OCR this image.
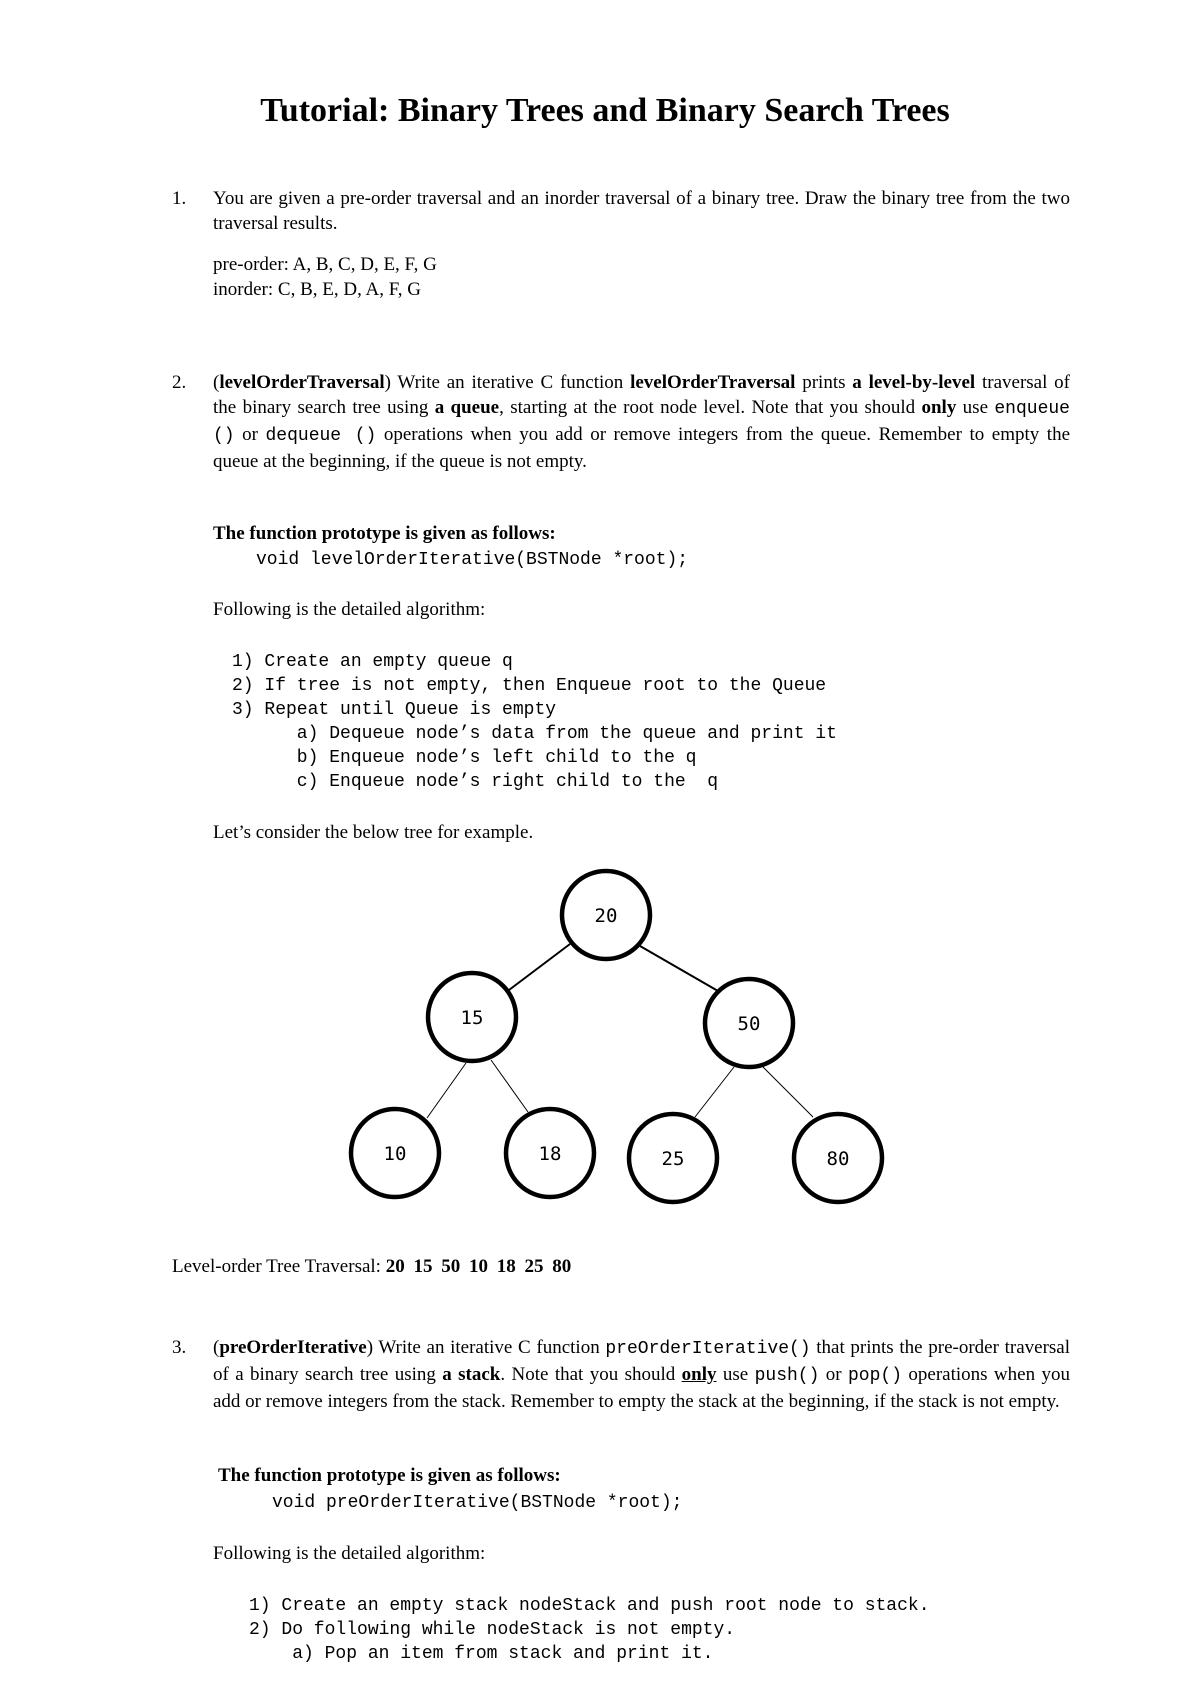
Tutorial: Binary Trees and Binary Search Trees
1. You are given a pre-order traversal and an inorder traversal of a binary tree. Draw the binary tree from the two traversal results.
pre-order: A, B, C, D, E, F, G
inorder: C, B, E, D, A, F, G
2. (levelOrderTraversal) Write an iterative C function levelOrderTraversal prints a level-by-level traversal of the binary search tree using a queue, starting at the root node level. Note that you should only use enqueue () or dequeue () operations when you add or remove integers from the queue. Remember to empty the queue at the beginning, if the queue is not empty.
The function prototype is given as follows:
void levelOrderIterative(BSTNode *root);
Following is the detailed algorithm:
1) Create an empty queue q
2) If tree is not empty, then Enqueue root to the Queue
3) Repeat until Queue is empty
a) Dequeue node’s data from the queue and print it
b) Enqueue node’s left child to the q
c) Enqueue node’s right child to the  q
Let’s consider the below tree for example.
20
15	50
10	18	25	80
Level-order Tree Traversal: 20 15 50 10 18 25 80
3. (preOrderIterative) Write an iterative C function preOrderIterative() that prints the pre-order traversal of a binary search tree using a stack. Note that you should only use push() or pop() operations when you add or remove integers from the stack. Remember to empty the stack at the beginning, if the stack is not empty.
The function prototype is given as follows:
void preOrderIterative(BSTNode *root);
Following is the detailed algorithm:
1) Create an empty stack nodeStack and push root node to stack.
2) Do following while nodeStack is not empty.
a) Pop an item from stack and print it.
